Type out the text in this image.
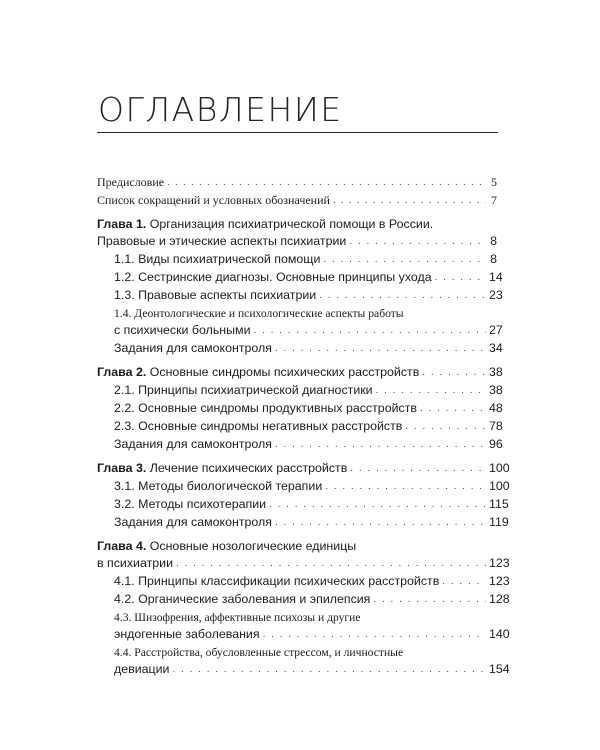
ОГЛАВЛЕНИЕ
Предисловие . . .	5
Список сокращений и условных обозначений . . .	7
Глава 1. Организация психиатрической помощи в России.
Правовые и этические аспекты психиатрии . . .	8
1.1. Виды психиатрической помощи . . .	8
1.2. Сестринские диагнозы. Основные принципы ухода . . .	14
1.3. Правовые аспекты психиатрии . . .	23
1.4. Деонтологические и психологические аспекты работы
с психически больными . . .	27
Задания для самоконтроля . . .	34
Глава 2. Основные синдромы психических расстройств . . .	38
2.1. Принципы психиатрической диагностики . . .	38
2.2. Основные синдромы продуктивных расстройств . . .	48
2.3. Основные синдромы негативных расстройств . . .	78
Задания для самоконтроля . . .	96
Глава 3. Лечение психических расстройств . . .	100
3.1. Методы биологической терапии . . .	100
3.2. Методы психотерапии . . .	115
Задания для самоконтроля . . .	119
Глава 4. Основные нозологические единицы
в психиатрии . . .	123
4.1. Принципы классификации психических расстройств . . .	123
4.2. Органические заболевания и эпилепсия . . .	128
4.3. Шизофрения, аффективные психозы и другие
эндогенные заболевания . . .	140
4.4. Расстройства, обусловленные стрессом, и личностные
девиации . . .	154
